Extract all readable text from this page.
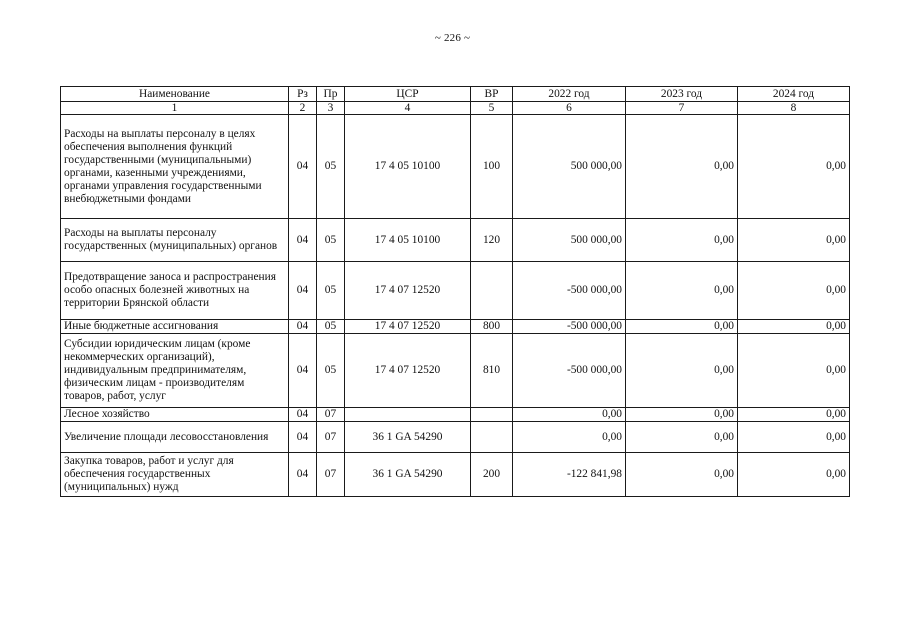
~ 226 ~
Наименование	Рз	Пр	ЦСР	ВР	2022 год	2023 год	2024 год
1	2	3	4	5	6	7	8
Расходы на выплаты персоналу в целях обеспечения выполнения функций государственными (муниципальными) органами, казенными учреждениями, органами управления государственными внебюджетными фондами	04	05	17 4 05 10100	100	500 000,00	0,00	0,00
Расходы на выплаты персоналу государственных (муниципальных) органов	04	05	17 4 05 10100	120	500 000,00	0,00	0,00
Предотвращение заноса и распространения особо опасных болезней животных на территории Брянской области	04	05	17 4 07 12520		-500 000,00	0,00	0,00
Иные бюджетные ассигнования	04	05	17 4 07 12520	800	-500 000,00	0,00	0,00
Субсидии юридическим лицам (кроме некоммерческих организаций), индивидуальным предпринимателям, физическим лицам - производителям товаров, работ, услуг	04	05	17 4 07 12520	810	-500 000,00	0,00	0,00
Лесное хозяйство	04	07			0,00	0,00	0,00
Увеличение площади лесовосстановления	04	07	36 1 GA 54290		0,00	0,00	0,00
Закупка товаров, работ и услуг для обеспечения государственных (муниципальных) нужд	04	07	36 1 GA 54290	200	-122 841,98	0,00	0,00
